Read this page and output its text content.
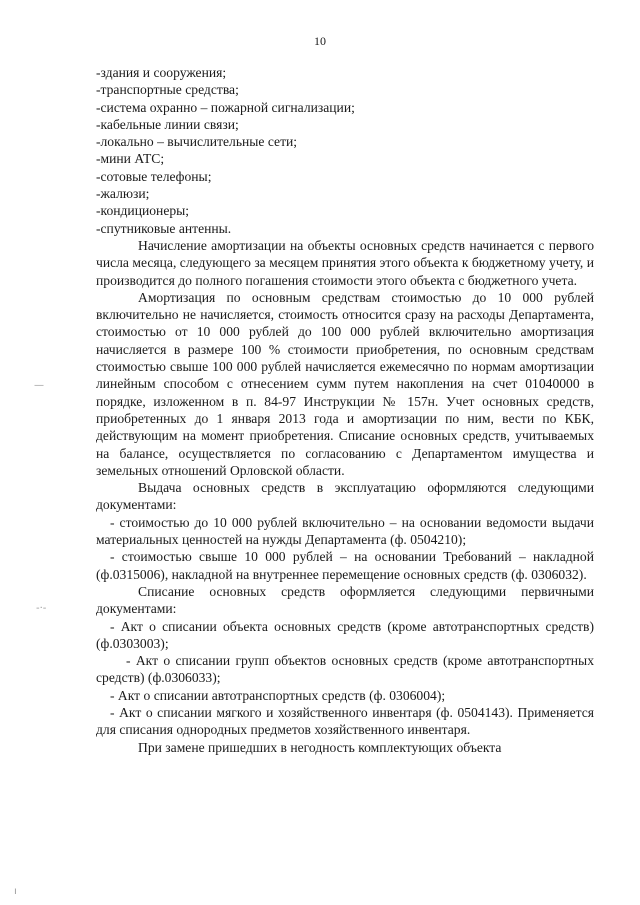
10
—
-·-
ı

-здания и сооружения;

-транспортные средства;

-система охранно – пожарной сигнализации;

-кабельные линии связи;

-локально – вычислительные сети;

-мини АТС;

-сотовые телефоны;

-жалюзи;

-кондиционеры;

-спутниковые антенны.

Начисление амортизации на объекты основных средств начинается с первого числа месяца, следующего за месяцем принятия этого объекта к бюджетному учету, и производится до полного погашения стоимости этого объекта с бюджетного учета.

Амортизация по основным средствам стоимостью до 10 000 рублей включительно не начисляется, стоимость относится сразу на расходы Департамента, стоимостью от 10 000 рублей до 100 000 рублей включительно амортизация начисляется в размере 100 % стоимости приобретения, по основным средствам стоимостью свыше 100 000 рублей начисляется ежемесячно по нормам амортизации линейным способом с отнесением сумм путем накопления на счет 01040000 в порядке, изложенном в п. 84-97 Инструкции № 157н. Учет основных средств, приобретенных до 1 января 2013 года и амортизации по ним, вести по КБК, действующим на момент приобретения. Списание основных средств, учитываемых на балансе, осуществляется по согласованию с Департаментом имущества и земельных отношений Орловской области.

Выдача основных средств в эксплуатацию оформляются следующими документами:

- стоимостью до 10 000 рублей включительно – на основании ведомости выдачи материальных ценностей на нужды Департамента (ф. 0504210);

- стоимостью свыше 10 000 рублей – на основании Требований – накладной (ф.0315006), накладной на внутреннее перемещение основных средств (ф. 0306032).

Списание основных средств оформляется следующими первичными документами:

- Акт о списании объекта основных средств (кроме автотранспортных средств) (ф.0303003);

- Акт о списании групп объектов основных средств (кроме автотранспортных средств) (ф.0306033);

- Акт о списании автотранспортных средств (ф. 0306004);

- Акт о списании мягкого и хозяйственного инвентаря (ф. 0504143). Применяется для списания однородных предметов хозяйственного инвентаря.

При замене пришедших в негодность комплектующих объекта
